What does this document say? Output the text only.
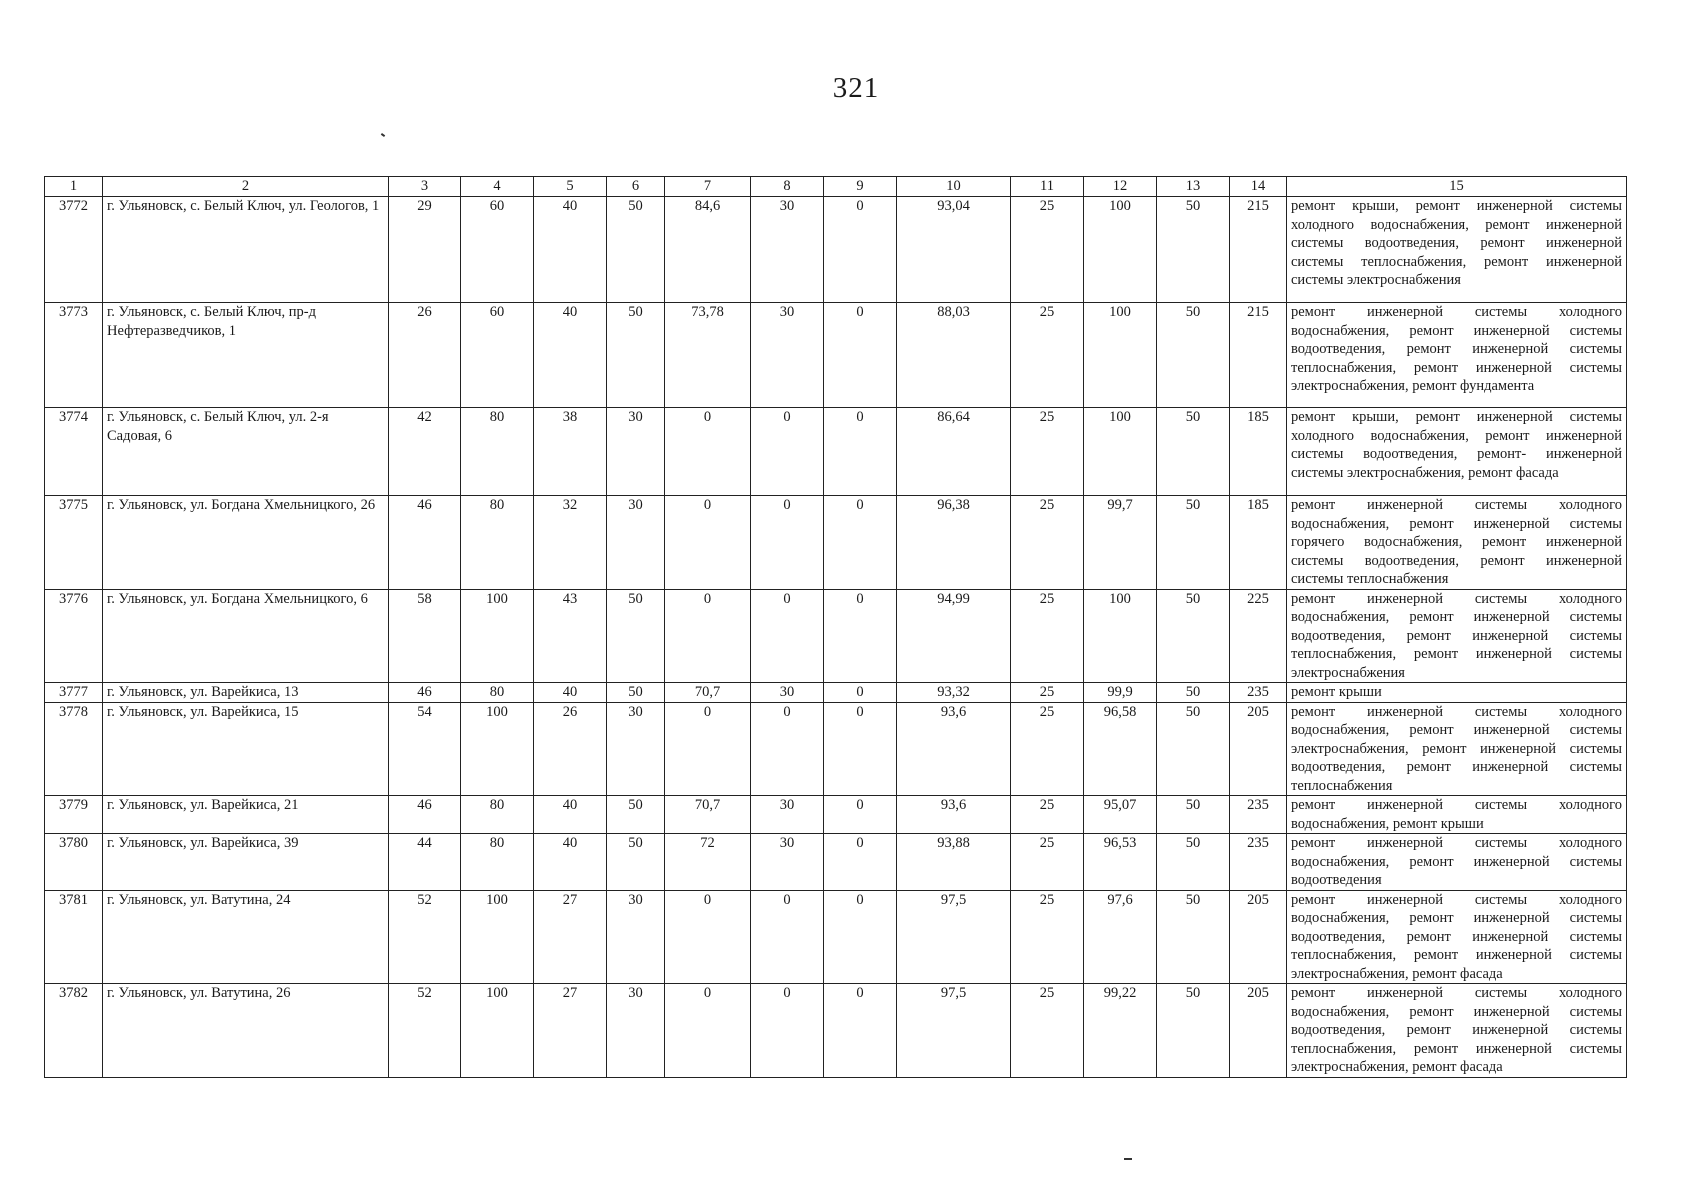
321
1	2	3	4	5	6	7	8	9	10	11	12	13	14	15
3772	г. Ульяновск, с. Белый Ключ, ул. Геологов, 1	29	60	40	50	84,6	30	0	93,04	25	100	50	215	ремонт крыши, ремонт инженерной системы холодного водоснабжения, ремонт инженерной системы водоотведения, ремонт инженерной системы теплоснабжения, ремонт инженерной системы электроснабжения
3773	г. Ульяновск, с. Белый Ключ, пр-д Нефтеразведчиков, 1	26	60	40	50	73,78	30	0	88,03	25	100	50	215	ремонт инженерной системы холодного водоснабжения, ремонт инженерной системы водоотведения, ремонт инженерной системы теплоснабжения, ремонт инженерной системы электроснабжения, ремонт фундамента
3774	г. Ульяновск, с. Белый Ключ, ул. 2-я Садовая, 6	42	80	38	30	0	0	0	86,64	25	100	50	185	ремонт крыши, ремонт инженерной системы холодного водоснабжения, ремонт инженерной системы водоотведения, ремонт- инженерной системы электроснабжения, ремонт фасада
3775	г. Ульяновск, ул. Богдана Хмельницкого, 26	46	80	32	30	0	0	0	96,38	25	99,7	50	185	ремонт инженерной системы холодного водоснабжения, ремонт инженерной системы горячего водоснабжения, ремонт инженерной системы водоотведения, ремонт инженерной системы теплоснабжения
3776	г. Ульяновск, ул. Богдана Хмельницкого, 6	58	100	43	50	0	0	0	94,99	25	100	50	225	ремонт инженерной системы холодного водоснабжения, ремонт инженерной системы водоотведения, ремонт инженерной системы теплоснабжения, ремонт инженерной системы электроснабжения
3777	г. Ульяновск, ул. Варейкиса, 13	46	80	40	50	70,7	30	0	93,32	25	99,9	50	235	ремонт крыши
3778	г. Ульяновск, ул. Варейкиса, 15	54	100	26	30	0	0	0	93,6	25	96,58	50	205	ремонт инженерной системы холодного водоснабжения, ремонт инженерной системы электроснабжения, ремонт инженерной системы водоотведения, ремонт инженерной системы теплоснабжения
3779	г. Ульяновск, ул. Варейкиса, 21	46	80	40	50	70,7	30	0	93,6	25	95,07	50	235	ремонт инженерной системы холодного водоснабжения, ремонт крыши
3780	г. Ульяновск, ул. Варейкиса, 39	44	80	40	50	72	30	0	93,88	25	96,53	50	235	ремонт инженерной системы холодного водоснабжения, ремонт инженерной системы водоотведения
3781	г. Ульяновск, ул. Ватутина, 24	52	100	27	30	0	0	0	97,5	25	97,6	50	205	ремонт инженерной системы холодного водоснабжения, ремонт инженерной системы водоотведения, ремонт инженерной системы теплоснабжения, ремонт инженерной системы электроснабжения, ремонт фасада
3782	г. Ульяновск, ул. Ватутина, 26	52	100	27	30	0	0	0	97,5	25	99,22	50	205	ремонт инженерной системы холодного водоснабжения, ремонт инженерной системы водоотведения, ремонт инженерной системы теплоснабжения, ремонт инженерной системы электроснабжения, ремонт фасада
